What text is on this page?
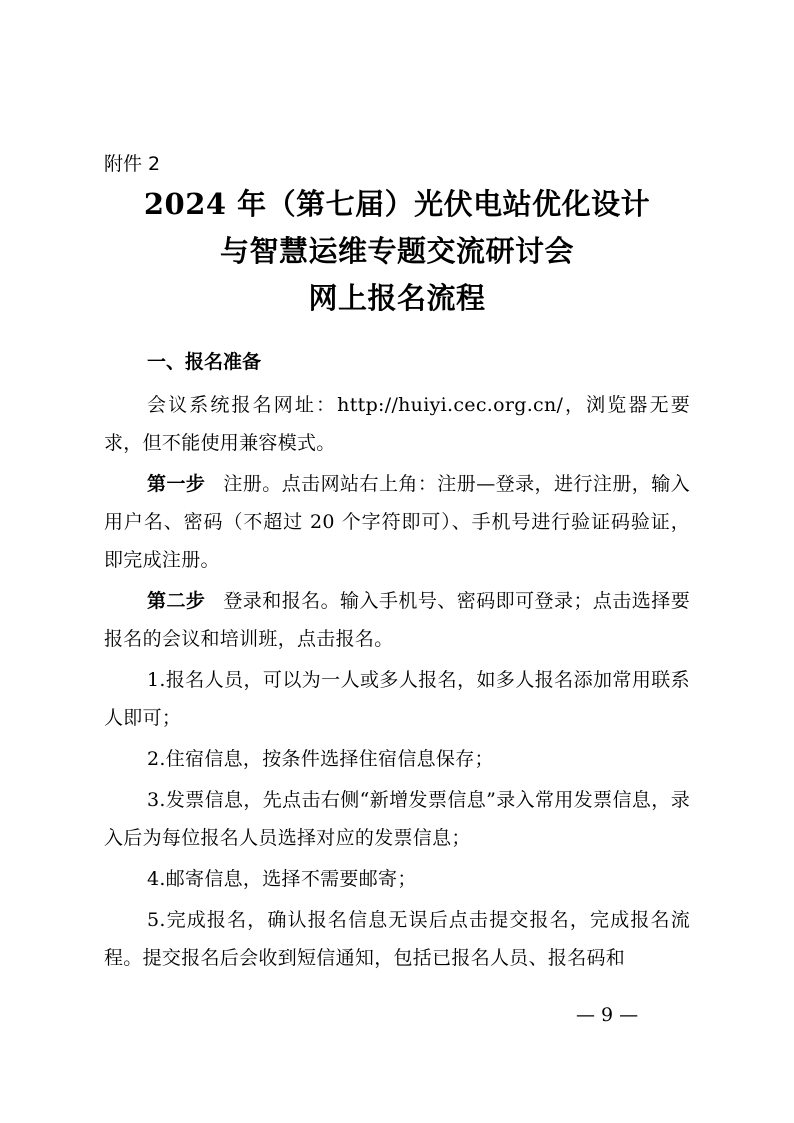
附件 2
2024 年（第七届）光伏电站优化设计
与智慧运维专题交流研讨会
网上报名流程
一、报名准备

会议系统报名网址：http://huiyi.cec.org.cn/，浏览器无要求，但不能使用兼容模式。

第一步 注册。点击网站右上角：注册—登录，进行注册，输入用户名、密码（不超过 20 个字符即可）、手机号进行验证码验证，即完成注册。

第二步 登录和报名。输入手机号、密码即可登录；点击选择要报名的会议和培训班，点击报名。

1.报名人员，可以为一人或多人报名，如多人报名添加常用联系人即可；

2.住宿信息，按条件选择住宿信息保存；

3.发票信息，先点击右侧“新增发票信息”录入常用发票信息，录入后为每位报名人员选择对应的发票信息；

4.邮寄信息，选择不需要邮寄；

5.完成报名，确认报名信息无误后点击提交报名，完成报名流程。提交报名后会收到短信通知，包括已报名人员、报名码和

— 9 —
